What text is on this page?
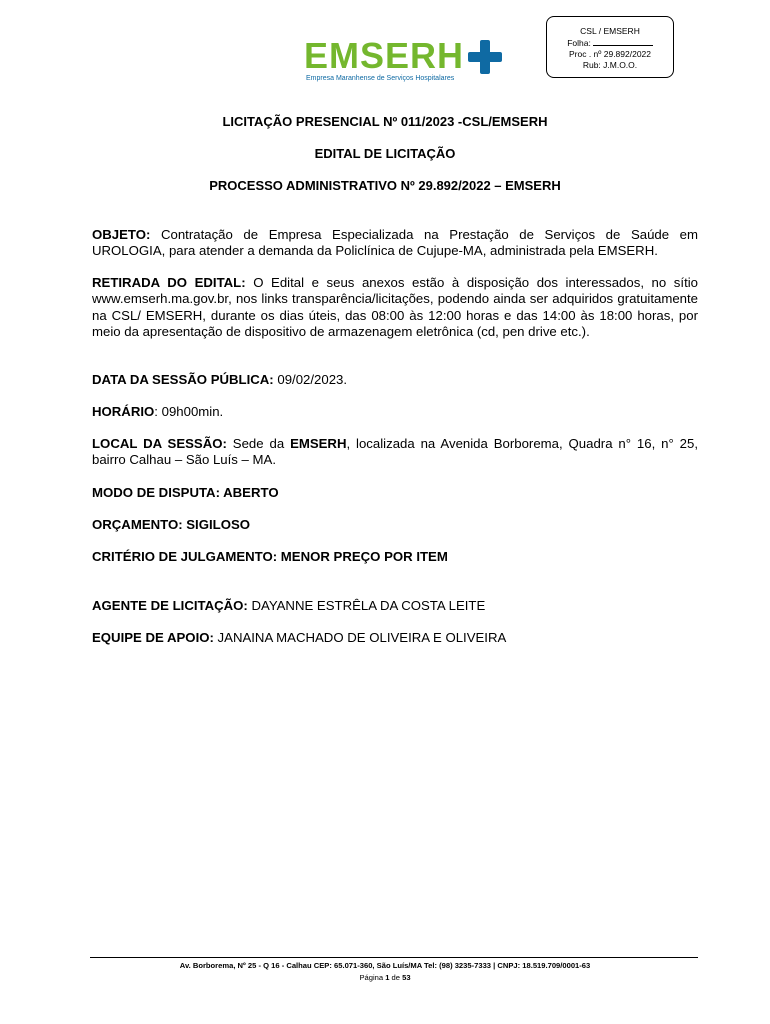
EMSERH
Empresa Maranhense de Serviços Hospitalares
CSL / EMSERH
Folha:
Proc . nº 29.892/2022
Rub: J.M.O.O.
LICITAÇÃO PRESENCIAL Nº 011/2023 -CSL/EMSERH
EDITAL DE LICITAÇÃO
PROCESSO ADMINISTRATIVO Nº 29.892/2022 – EMSERH
OBJETO: Contratação de Empresa Especializada na Prestação de Serviços de Saúde em UROLOGIA, para atender a demanda da Policlínica de Cujupe-MA, administrada pela EMSERH.
RETIRADA DO EDITAL: O Edital e seus anexos estão à disposição dos interessados, no sítio www.emserh.ma.gov.br, nos links transparência/licitações, podendo ainda ser adquiridos gratuitamente na CSL/ EMSERH, durante os dias úteis, das 08:00 às 12:00 horas e das 14:00 às 18:00 horas, por meio da apresentação de dispositivo de armazenagem eletrônica (cd, pen drive etc.).
DATA DA SESSÃO PÚBLICA: 09/02/2023.
HORÁRIO: 09h00min.
LOCAL DA SESSÃO: Sede da EMSERH, localizada na Avenida Borborema, Quadra n° 16, n° 25, bairro Calhau – São Luís – MA.
MODO DE DISPUTA: ABERTO
ORÇAMENTO: SIGILOSO
CRITÉRIO DE JULGAMENTO: MENOR PREÇO POR ITEM
AGENTE DE LICITAÇÃO: DAYANNE ESTRÊLA DA COSTA LEITE
EQUIPE DE APOIO: JANAINA MACHADO DE OLIVEIRA E OLIVEIRA
Av. Borborema, Nº 25 - Q 16 - Calhau CEP: 65.071-360, São Luís/MA Tel: (98) 3235-7333 | CNPJ: 18.519.709/0001-63
Página 1 de 53
